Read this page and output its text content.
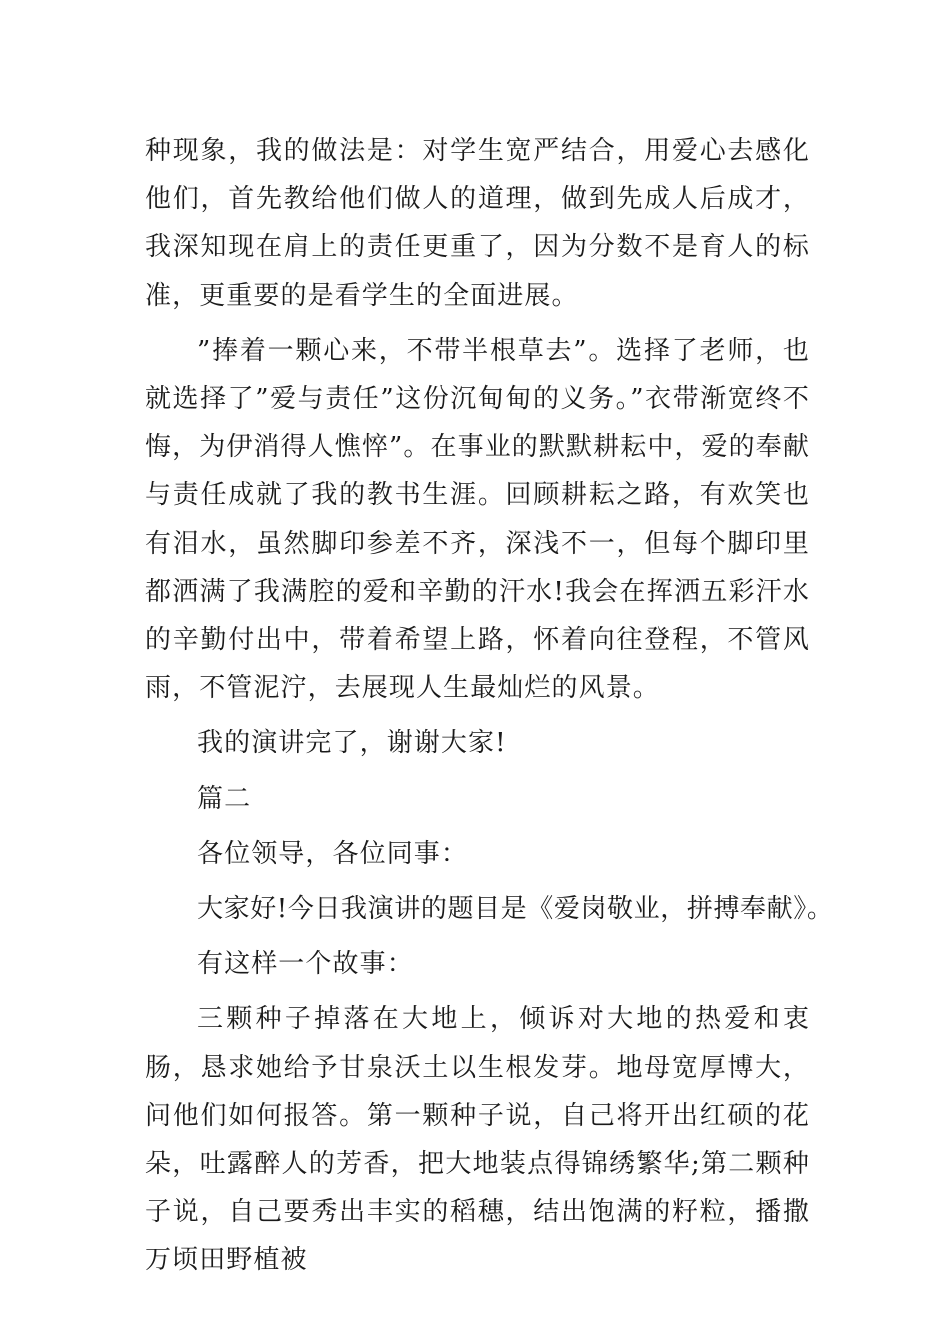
种现象，我的做法是：对学生宽严结合，用爱心去感化他们，首先教给他们做人的道理，做到先成人后成才，我深知现在肩上的责任更重了，因为分数不是育人的标准，更重要的是看学生的全面进展。

”捧着一颗心来，不带半根草去”。选择了老师，也就选择了”爱与责任”这份沉甸甸的义务。”衣带渐宽终不悔，为伊消得人憔悴”。在事业的默默耕耘中，爱的奉献与责任成就了我的教书生涯。回顾耕耘之路，有欢笑也有泪水，虽然脚印参差不齐，深浅不一，但每个脚印里都洒满了我满腔的爱和辛勤的汗水!我会在挥洒五彩汗水的辛勤付出中，带着希望上路，怀着向往登程，不管风雨，不管泥泞，去展现人生最灿烂的风景。

我的演讲完了，谢谢大家!

篇二

各位领导，各位同事：

大家好!今日我演讲的题目是《爱岗敬业，拼搏奉献》。

有这样一个故事：

三颗种子掉落在大地上，倾诉对大地的热爱和衷肠，恳求她给予甘泉沃土以生根发芽。地母宽厚博大，问他们如何报答。第一颗种子说，自己将开出红硕的花朵，吐露醉人的芳香，把大地装点得锦绣繁华;第二颗种子说，自己要秀出丰实的稻穗，结出饱满的籽粒，播撒万顷田野植被
